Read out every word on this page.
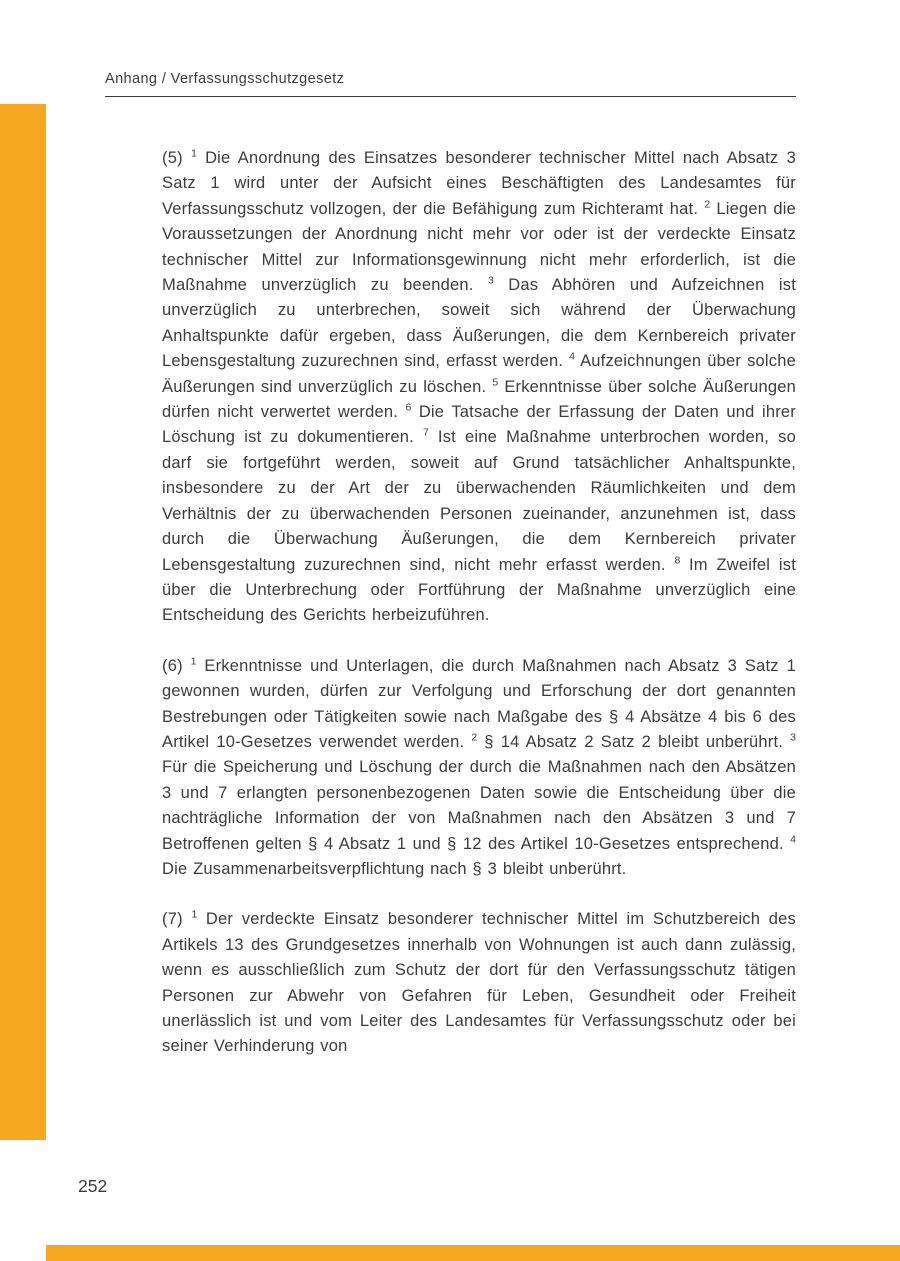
Anhang / Verfassungsschutzgesetz

(5) $^1$ Die Anordnung des Einsatzes besonderer technischer Mittel nach Absatz 3 Satz 1 wird unter der Aufsicht eines Beschäftigten des Landesamtes für Verfassungsschutz vollzogen, der die Befähigung zum Richteramt hat. $^2$ Liegen die Voraussetzungen der Anordnung nicht mehr vor oder ist der verdeckte Einsatz technischer Mittel zur Informationsgewinnung nicht mehr erforderlich, ist die Maßnahme unverzüglich zu beenden. $^3$ Das Abhören und Aufzeichnen ist unverzüglich zu unterbrechen, soweit sich während der Überwachung Anhaltspunkte dafür ergeben, dass Äußerungen, die dem Kernbereich privater Lebensgestaltung zuzurechnen sind, erfasst werden. $^4$ Aufzeichnungen über solche Äußerungen sind unverzüglich zu löschen. $^5$ Erkenntnisse über solche Äußerungen dürfen nicht verwertet werden. $^6$ Die Tatsache der Erfassung der Daten und ihrer Löschung ist zu dokumentieren. $^7$ Ist eine Maßnahme unterbrochen worden, so darf sie fortgeführt werden, soweit auf Grund tatsächlicher Anhaltspunkte, insbesondere zu der Art der zu überwachenden Räumlichkeiten und dem Verhältnis der zu überwachenden Personen zueinander, anzunehmen ist, dass durch die Überwachung Äußerungen, die dem Kernbereich privater Lebensgestaltung zuzurechnen sind, nicht mehr erfasst werden. $^8$ Im Zweifel ist über die Unterbrechung oder Fortführung der Maßnahme unverzüglich eine Entscheidung des Gerichts herbeizuführen.

(6) $^1$ Erkenntnisse und Unterlagen, die durch Maßnahmen nach Absatz 3 Satz 1 gewonnen wurden, dürfen zur Verfolgung und Erforschung der dort genannten Bestrebungen oder Tätigkeiten sowie nach Maßgabe des § 4 Absätze 4 bis 6 des Artikel 10-Gesetzes verwendet werden. $^2$ § 14 Absatz 2 Satz 2 bleibt unberührt. $^3$ Für die Speicherung und Löschung der durch die Maßnahmen nach den Absätzen 3 und 7 erlangten personenbezogenen Daten sowie die Entscheidung über die nachträgliche Information der von Maßnahmen nach den Absätzen 3 und 7 Betroffenen gelten § 4 Absatz 1 und § 12 des Artikel 10-Gesetzes entsprechend. $^4$ Die Zusammenarbeitsverpflichtung nach § 3 bleibt unberührt.

(7) $^1$ Der verdeckte Einsatz besonderer technischer Mittel im Schutzbereich des Artikels 13 des Grundgesetzes innerhalb von Wohnungen ist auch dann zulässig, wenn es ausschließlich zum Schutz der dort für den Verfassungsschutz tätigen Personen zur Abwehr von Gefahren für Leben, Gesundheit oder Freiheit unerlässlich ist und vom Leiter des Landesamtes für Verfassungsschutz oder bei seiner Verhinderung von

252
